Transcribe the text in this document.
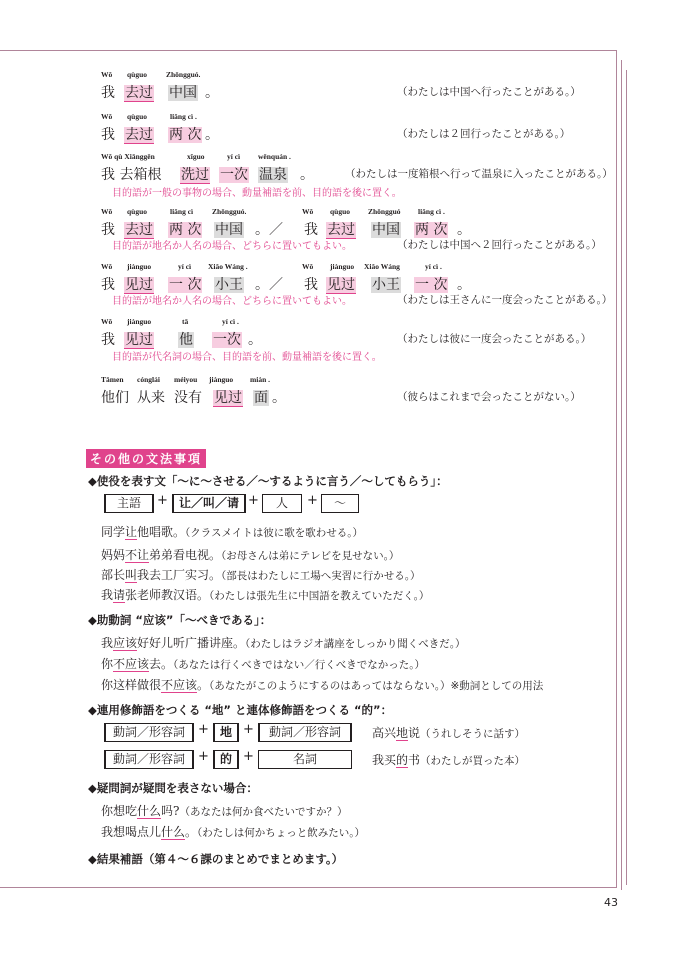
Wǒ qùguo	Zhōngguó.
我 去过 中国 。	（わたしは中国へ行ったことがある。）
Wǒ qùguo	liǎng cì .
我 去过 两 次 。	（わたしは２回行ったことがある。）
Wǒ qù Xiānggēn	xǐguo	yí cì wēnquán .
我 去箱根 洗过 一次 温泉 。	（わたしは一度箱根へ行って温泉に入ったことがある。）
目的語が一般の事物の場合、動量補語を前、目的語を後に置く。
Wǒ qùguo	liǎng cì	Zhōngguó.	Wǒ qùguo Zhōngguó liǎng cì .
我 去过 两 次 中国 。／ 我 去过 中国 两 次 。
目的語が地名か人名の場合、どちらに置いてもよい。	（わたしは中国へ２回行ったことがある。）
Wǒ jiànguo	yí cì Xiǎo Wáng .	Wǒ jiànguo Xiǎo Wáng	yí cì .
我 见过 一 次 小王 。／ 我 见过 小王 一 次 。
目的語が地名か人名の場合、どちらに置いてもよい。	（わたしは王さんに一度会ったことがある。）
Wǒ jiànguo	tā	yí cì .
我 见过 他 一次 。	（わたしは彼に一度会ったことがある。）
目的語が代名詞の場合、目的語を前、動量補語を後に置く。
Tāmen cónglái méiyou jiànguo miàn .
他们 从来 没有 见过 面 。	（彼らはこれまで会ったことがない。）
その他の文法事項
◆使役を表す文「～に～させる／～するように言う／～してもらう」：
主語	+ 让／叫／请 +	人	+	～
同学让他唱歌。（クラスメイトは彼に歌を歌わせる。）
妈妈不让弟弟看电视。（お母さんは弟にテレビを見せない。）
部长叫我去工厂实习。（部長はわたしに工場へ実習に行かせる。）
我请张老师教汉语。（わたしは張先生に中国語を教えていただく。）
◆助動詞 “应该”「～べきである」：
我应该好好儿听广播讲座。（わたしはラジオ講座をしっかり聞くべきだ。）
你不应该去。（あなたは行くべきではない／行くべきでなかった。）
你这样做很不应该。（あなたがこのようにするのはあってはならない。）※動詞としての用法
◆連用修飾語をつくる “地” と連体修飾語をつくる “的”：
動詞／形容詞	+ 地 +	動詞／形容詞	高兴地说（うれしそうに話す）
動詞／形容詞	+ 的 +	名詞	我买的书（わたしが買った本）
◆疑問詞が疑問を表さない場合：
你想吃什么吗?（あなたは何か食べたいですか？）
我想喝点儿什么。（わたしは何かちょっと飲みたい。）
◆結果補語（第４～６課のまとめでまとめます。）
43
